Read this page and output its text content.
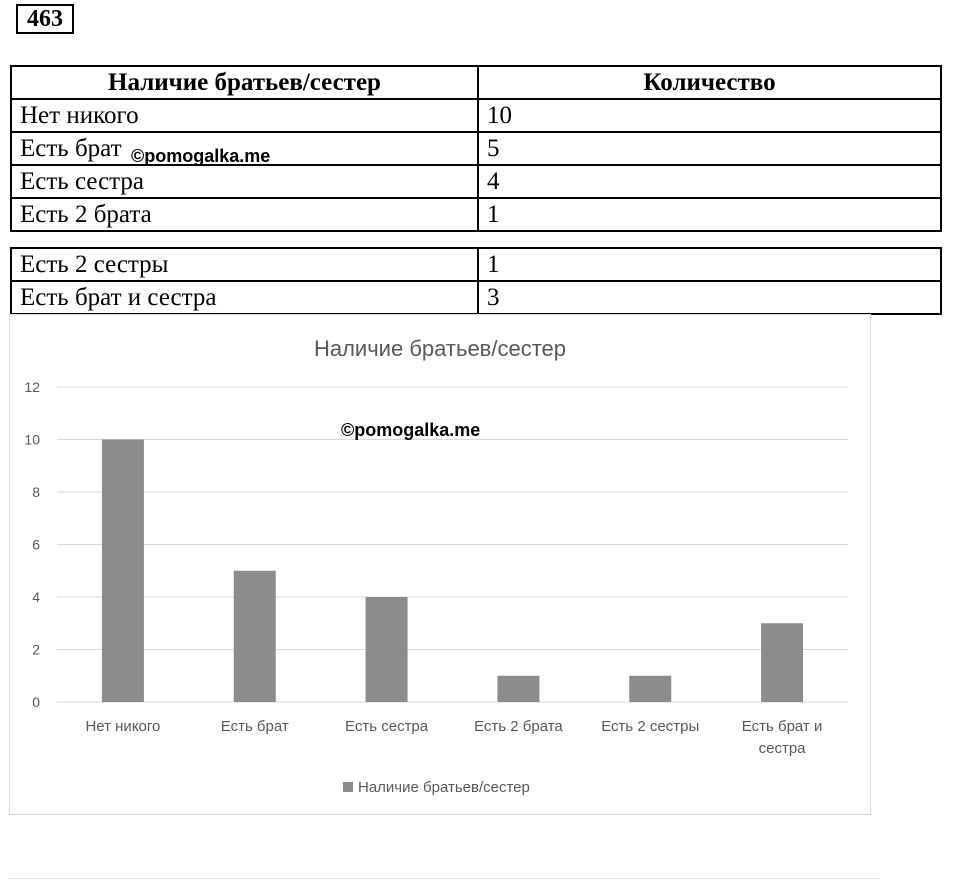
463
Наличие братьев/сестер	Количество
Нет никого	10
Есть брат	5
Есть сестра	4
Есть 2 брата	1
Есть 2 сестры	1
Есть брат и сестра	3
©pomogalka.me
Наличие братьев/сестер
0
2
4
6
8
10
12
Нет никого	Есть брат	Есть сестра	Есть 2 брата	Есть 2 сестры	Есть брат и
сестра
©pomogalka.me
Наличие братьев/сестер
